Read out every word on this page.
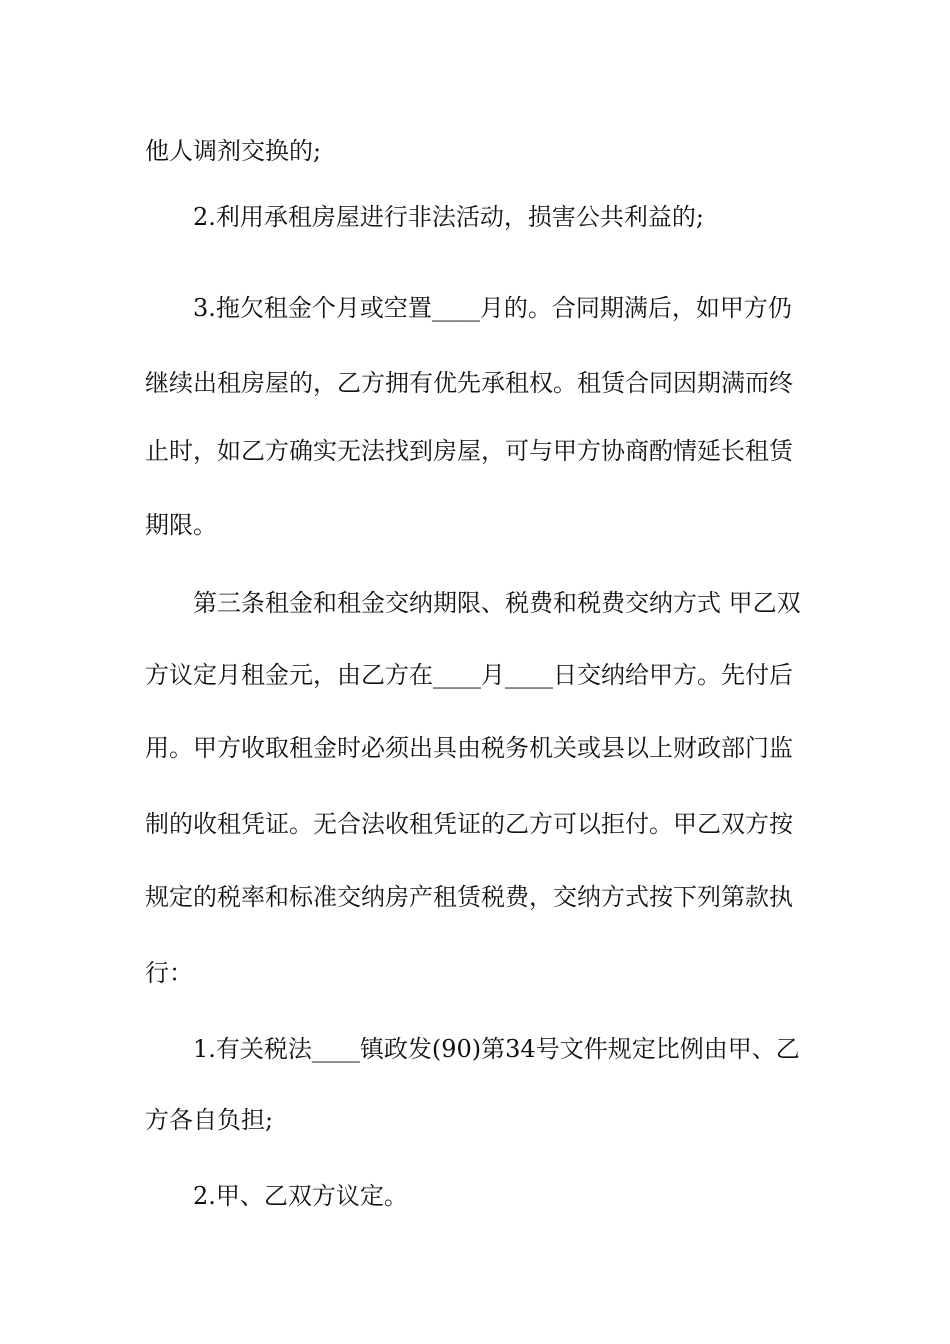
他人调剂交换的;
2.利用承租房屋进行非法活动，损害公共利益的;
3.拖欠租金个月或空置____月的。合同期满后，如甲方仍
继续出租房屋的，乙方拥有优先承租权。租赁合同因期满而终
止时，如乙方确实无法找到房屋，可与甲方协商酌情延长租赁
期限。
第三条租金和租金交纳期限、税费和税费交纳方式 甲乙双
方议定月租金元，由乙方在____月____日交纳给甲方。先付后
用。甲方收取租金时必须出具由税务机关或县以上财政部门监
制的收租凭证。无合法收租凭证的乙方可以拒付。甲乙双方按
规定的税率和标准交纳房产租赁税费，交纳方式按下列第款执
行：
1.有关税法____镇政发(90)第34号文件规定比例由甲、乙
方各自负担;
2.甲、乙双方议定。
